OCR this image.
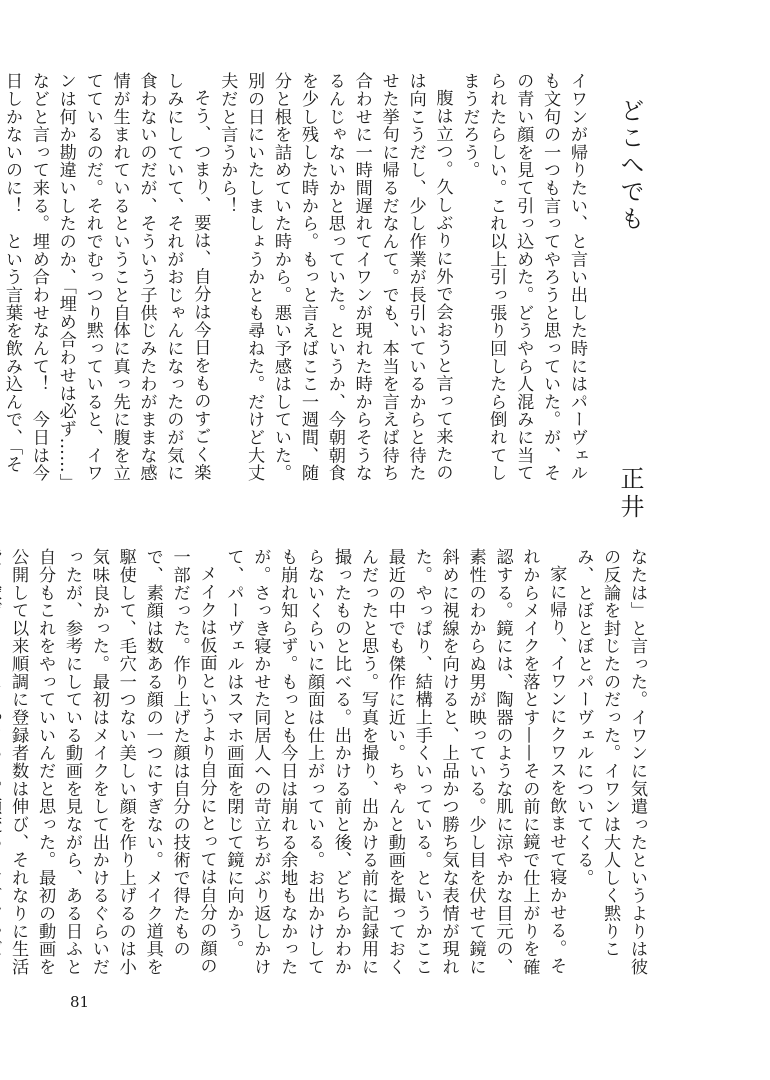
どこへでも
正井

イワンが帰りたい、と言い出した時にはパーヴェルも文句の一つも言ってやろうと思っていた。が、その青い顔を見て引っ込めた。どうやら人混みに当てられたらしい。これ以上引っ張り回したら倒れてしまうだろう。

腹は立つ。久しぶりに外で会おうと言って来たのは向こうだし、少し作業が長引いているからと待たせた挙句に帰るだなんて。でも、本当を言えば待ち合わせに一時間遅れてイワンが現れた時からそうなるんじゃないかと思っていた。というか、今朝朝食を少し残した時から。もっと言えばここ一週間、随分と根を詰めていた時から。悪い予感はしていた。別の日にいたしましょうかとも尋ねた。だけど大丈夫だと言うから！

そう、つまり、要は、自分は今日をものすごく楽しみにしていて、それがおじゃんになったのが気に食わないのだが、そういう子供じみたわがままな感情が生まれているということ自体に真っ先に腹を立てているのだ。それでむっつり黙っていると、イワンは何か勘違いしたのか、「埋め合わせは必ず……」などと言って来る。埋め合わせなんて！　今日は今日しかないのに！　という言葉を飲み込んで、「そ

なたは」と言った。イワンに気遣ったというよりは彼の反論を封じたのだった。イワンは大人しく黙りこみ、とぼとぼとパーヴェルについてくる。

家に帰り、イワンにクワスを飲ませて寝かせる。それからメイクを落とす——その前に鏡で仕上がりを確認する。鏡には、陶器のような肌に涼やかな目元の、素性のわからぬ男が映っている。少し目を伏せて鏡に斜めに視線を向けると、上品かつ勝ち気な表情が現れた。やっぱり、結構上手くいっている。というかここ最近の中でも傑作に近い。ちゃんと動画を撮っておくんだったと思う。写真を撮り、出かける前に記録用に撮ったものと比べる。出かける前と後、どちらかわからないくらいに顔面は仕上がっている。お出かけしても崩れ知らず。もっとも今日は崩れる余地もなかったが。さっき寝かせた同居人への苛立ちがぶり返しかけて、パーヴェルはスマホ画面を閉じて鏡に向かう。

メイクは仮面というより自分にとっては自分の顔の一部だった。作り上げた顔は自分の技術で得たもので、素顔は数ある顔の一つにすぎない。メイク道具を駆使して、毛穴一つない美しい顔を作り上げるのは小気味良かった。最初はメイクをして出かけるぐらいだったが、参考にしている動画を見ながら、ある日ふと自分もこれをやっていいんだと思った。最初の動画を公開して以来順調に登録者数は伸び、それなりに生活

81
